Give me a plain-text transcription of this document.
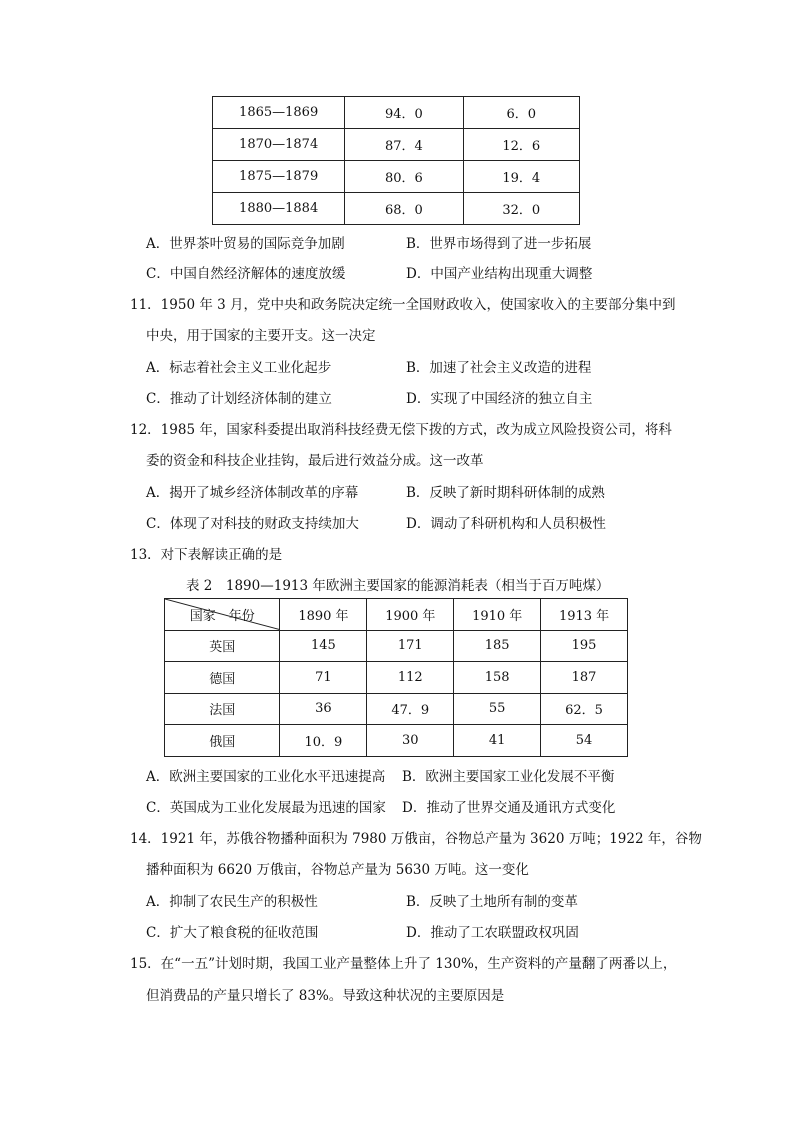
1865—1869	94．0	6．0
1870—1874	87．4	12．6
1875—1879	80．6	19．4
1880—1884	68．0	32．0
A．世界茶叶贸易的国际竞争加剧	B．世界市场得到了进一步拓展
C．中国自然经济解体的速度放缓	D．中国产业结构出现重大调整
11．1950 年 3 月，党中央和政务院决定统一全国财政收入，使国家收入的主要部分集中到
中央，用于国家的主要开支。这一决定
A．标志着社会主义工业化起步	B．加速了社会主义改造的进程
C．推动了计划经济体制的建立	D．实现了中国经济的独立自主
12．1985 年，国家科委提出取消科技经费无偿下拨的方式，改为成立风险投资公司，将科
委的资金和科技企业挂钩，最后进行效益分成。这一改革
A．揭开了城乡经济体制改革的序幕	B．反映了新时期科研体制的成熟
C．体现了对科技的财政支持续加大	D．调动了科研机构和人员积极性
13．对下表解读正确的是
表 2　1890—1913 年欧洲主要国家的能源消耗表（相当于百万吨煤）
国家　年份	1890 年	1900 年	1910 年	1913 年
英国	145	171	185	195
德国	71	112	158	187
法国	36	47．9	55	62．5
俄国	10．9	30	41	54
A．欧洲主要国家的工业化水平迅速提高 B．欧洲主要国家工业化发展不平衡
C．英国成为工业化发展最为迅速的国家 D．推动了世界交通及通讯方式变化
14．1921 年，苏俄谷物播种面积为 7980 万俄亩，谷物总产量为 3620 万吨；1922 年，谷物
播种面积为 6620 万俄亩，谷物总产量为 5630 万吨。这一变化
A．抑制了农民生产的积极性	B．反映了土地所有制的变革
C．扩大了粮食税的征收范围	D．推动了工农联盟政权巩固
15．在“一五”计划时期，我国工业产量整体上升了 130%，生产资料的产量翻了两番以上，
但消费品的产量只增长了 83%。导致这种状况的主要原因是
